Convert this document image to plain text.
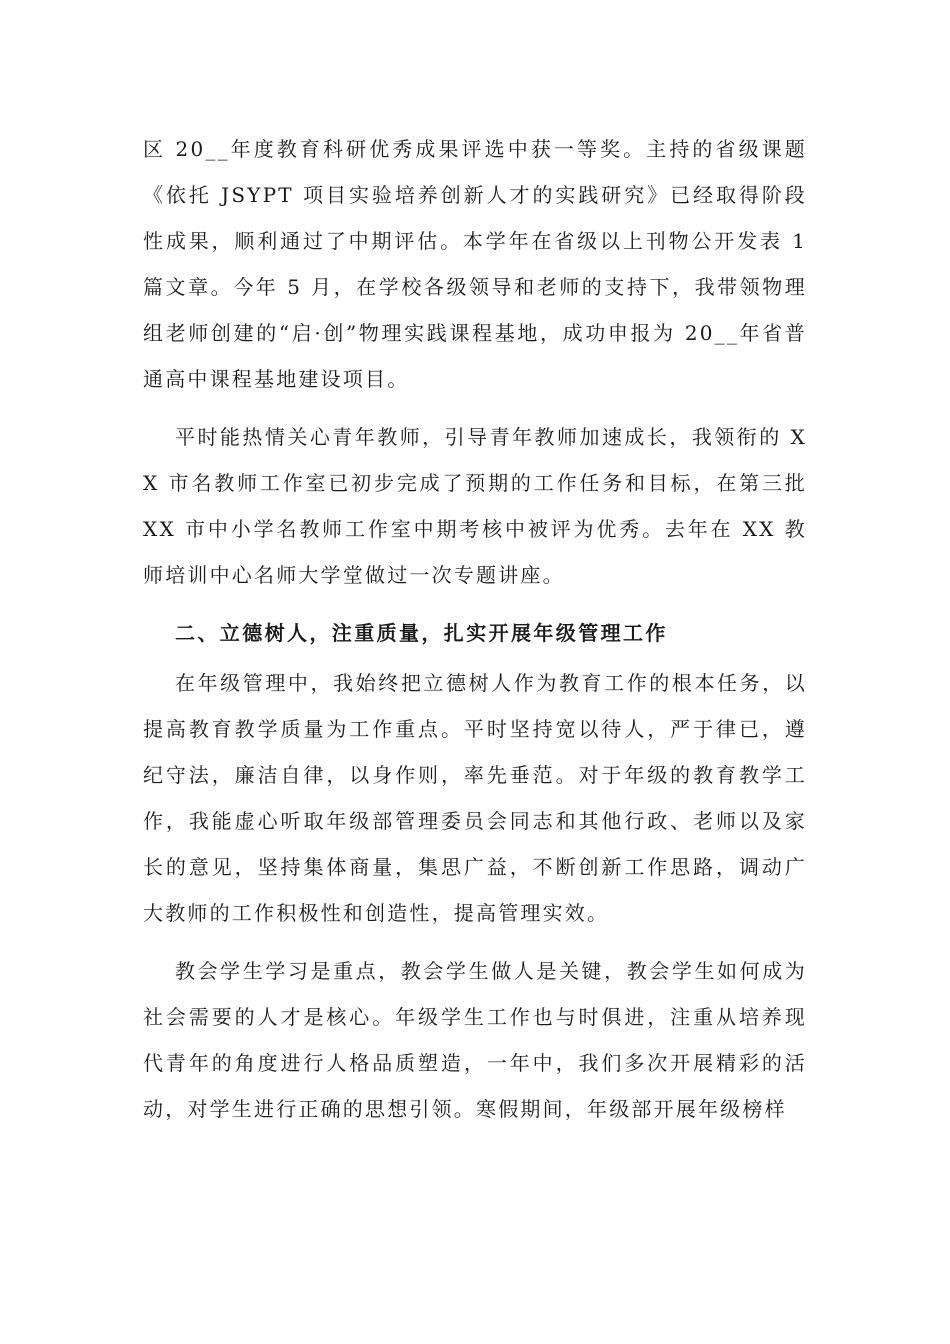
区 20__年度教育科研优秀成果评选中获一等奖。主持的省级课题《依托 JSYPT 项目实验培养创新人才的实践研究》已经取得阶段性成果，顺利通过了中期评估。本学年在省级以上刊物公开发表 1 篇文章。今年 5 月，在学校各级领导和老师的支持下，我带领物理组老师创建的“启·创”物理实践课程基地，成功申报为 20__年省普通高中课程基地建设项目。

平时能热情关心青年教师，引导青年教师加速成长，我领衔的 XX 市名教师工作室已初步完成了预期的工作任务和目标，在第三批 XX 市中小学名教师工作室中期考核中被评为优秀。去年在 XX 教师培训中心名师大学堂做过一次专题讲座。

二、立德树人，注重质量，扎实开展年级管理工作

在年级管理中，我始终把立德树人作为教育工作的根本任务，以提高教育教学质量为工作重点。平时坚持宽以待人，严于律已，遵纪守法，廉洁自律，以身作则，率先垂范。对于年级的教育教学工作，我能虚心听取年级部管理委员会同志和其他行政、老师以及家长的意见，坚持集体商量，集思广益，不断创新工作思路，调动广大教师的工作积极性和创造性，提高管理实效。

教会学生学习是重点，教会学生做人是关键，教会学生如何成为社会需要的人才是核心。年级学生工作也与时俱进，注重从培养现代青年的角度进行人格品质塑造，一年中，我们多次开展精彩的活动，对学生进行正确的思想引领。寒假期间，年级部开展年级榜样
